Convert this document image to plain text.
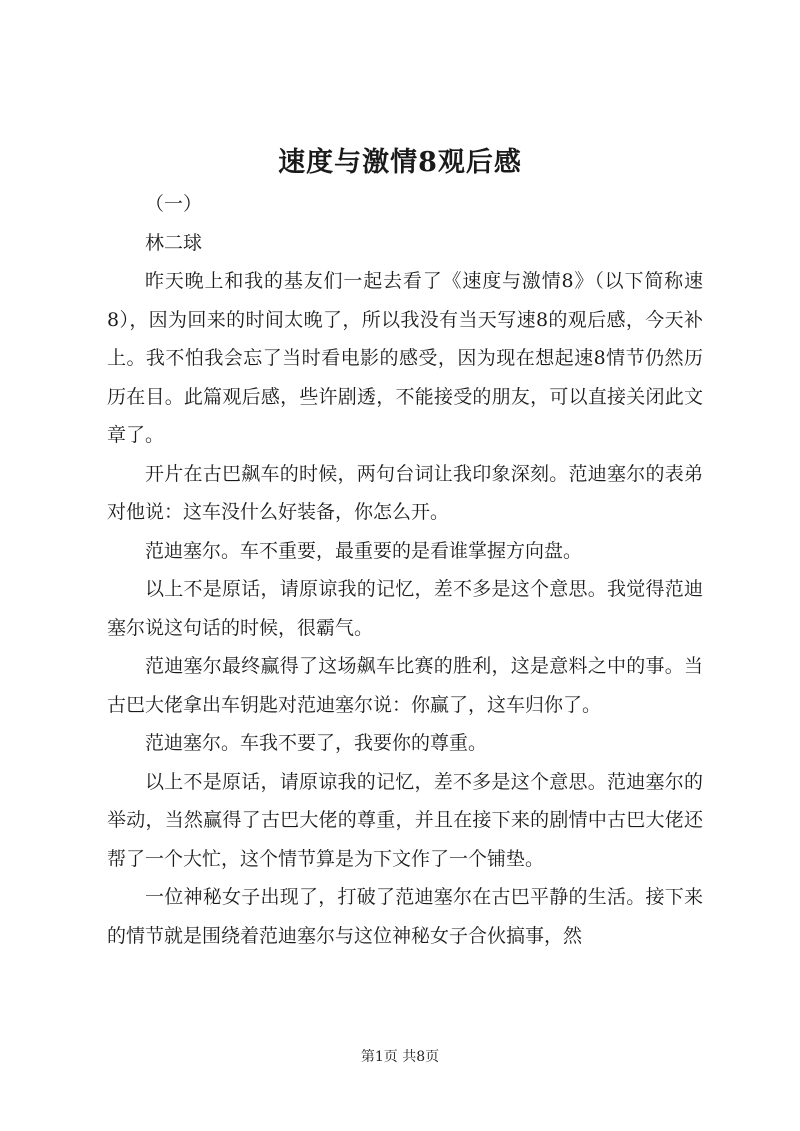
速度与激情8观后感

（一）

林二球

昨天晚上和我的基友们一起去看了《速度与激情8》（以下简称速8），因为回来的时间太晚了，所以我没有当天写速8的观后感，今天补上。我不怕我会忘了当时看电影的感受，因为现在想起速8情节仍然历历在目。此篇观后感，些许剧透，不能接受的朋友，可以直接关闭此文章了。

开片在古巴飙车的时候，两句台词让我印象深刻。范迪塞尔的表弟对他说：这车没什么好装备，你怎么开。

范迪塞尔。车不重要，最重要的是看谁掌握方向盘。

以上不是原话，请原谅我的记忆，差不多是这个意思。我觉得范迪塞尔说这句话的时候，很霸气。

范迪塞尔最终赢得了这场飙车比赛的胜利，这是意料之中的事。当古巴大佬拿出车钥匙对范迪塞尔说：你赢了，这车归你了。

范迪塞尔。车我不要了，我要你的尊重。

以上不是原话，请原谅我的记忆，差不多是这个意思。范迪塞尔的举动，当然赢得了古巴大佬的尊重，并且在接下来的剧情中古巴大佬还帮了一个大忙，这个情节算是为下文作了一个铺垫。

一位神秘女子出现了，打破了范迪塞尔在古巴平静的生活。接下来的情节就是围绕着范迪塞尔与这位神秘女子合伙搞事，然

第1页 共8页
